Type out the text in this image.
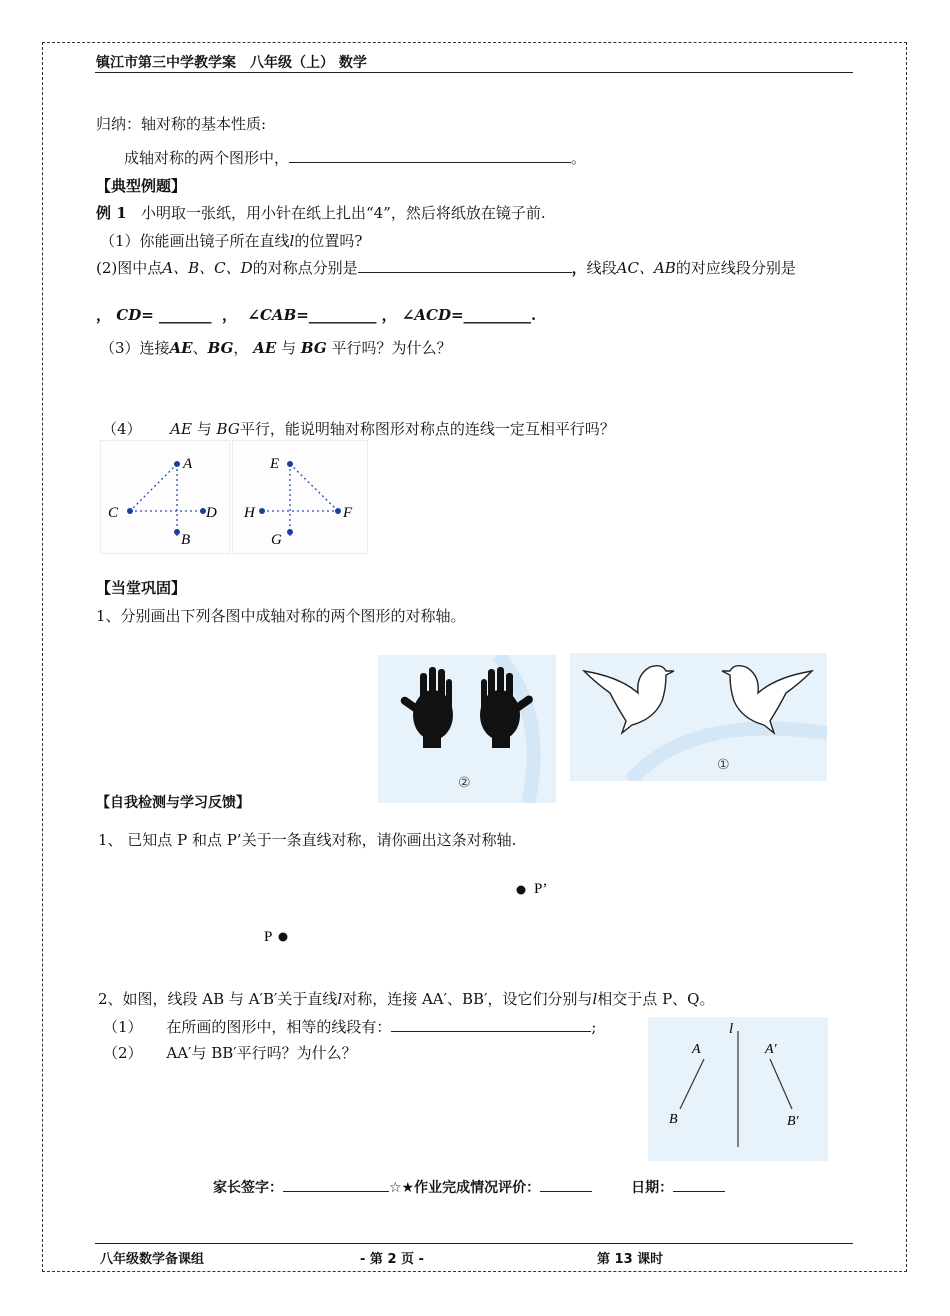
镇江市第三中学教学案　八年级（上） 数学
归纳：轴对称的基本性质:
成轴对称的两个图形中，	。
【典型例题】
例 1 小明取一张纸，用小针在纸上扎出“4”，然后将纸放在镜子前.
（1）你能画出镜子所在直线l的位置吗?
(2)图中点A、B、C、D的对称点分别是	，线段AC、AB的对应线段分别是
， CD= _______ ， ∠CAB=_________ ， ∠ACD=_________.
（3）连接AE、BG， AE 与 BG 平行吗？为什么？
（4） AE 与 BG平行，能说明轴对称图形对称点的连线一定互相平行吗？
A
C	D
B
E
H	F
G
【当堂巩固】
1、分别画出下列各图中成轴对称的两个图形的对称轴。
②
①
【自我检测与学习反馈】
1、 已知点 P 和点 P’关于一条直线对称，请你画出这条对称轴.
P’
P
2、如图，线段 AB 与 A′B′关于直线l对称，连接 AA′、BB′，设它们分别与l相交于点 P、Q。
（1） 在所画的图形中，相等的线段有：	;
（2） AA′与 BB′平行吗？为什么？
l
A
B
A′
B′
家长签字：	☆★作业完成情况评价：	日期：
八年级数学备课组	- 第 2 页 -	第 13 课时
